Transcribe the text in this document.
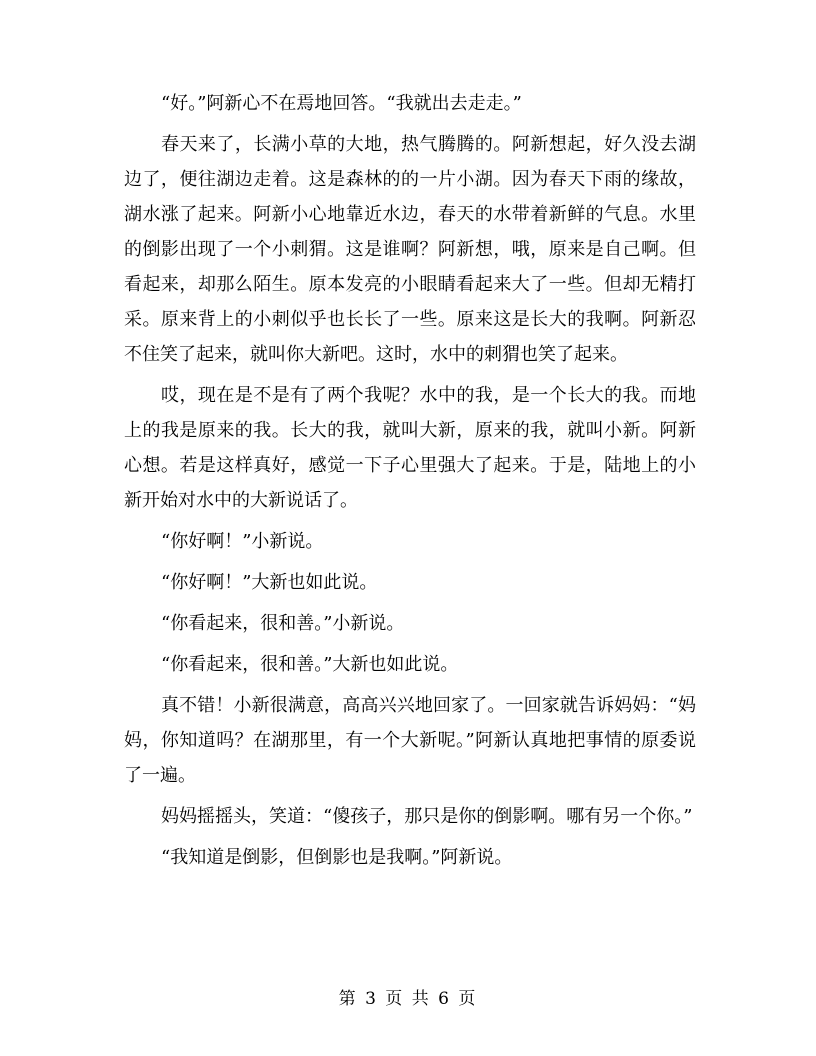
“好。”阿新心不在焉地回答。“我就出去走走。”

春天来了，长满小草的大地，热气腾腾的。阿新想起，好久没去湖边了，便往湖边走着。这是森林的的一片小湖。因为春天下雨的缘故，湖水涨了起来。阿新小心地靠近水边，春天的水带着新鲜的气息。水里的倒影出现了一个小刺猬。这是谁啊？阿新想，哦，原来是自己啊。但看起来，却那么陌生。原本发亮的小眼睛看起来大了一些。但却无精打采。原来背上的小刺似乎也长长了一些。原来这是长大的我啊。阿新忍不住笑了起来，就叫你大新吧。这时，水中的刺猬也笑了起来。

哎，现在是不是有了两个我呢？水中的我，是一个长大的我。而地上的我是原来的我。长大的我，就叫大新，原来的我，就叫小新。阿新心想。若是这样真好，感觉一下子心里强大了起来。于是，陆地上的小新开始对水中的大新说话了。

“你好啊！”小新说。

“你好啊！”大新也如此说。

“你看起来，很和善。”小新说。

“你看起来，很和善。”大新也如此说。

真不错！小新很满意，高高兴兴地回家了。一回家就告诉妈妈：“妈妈，你知道吗？在湖那里，有一个大新呢。”阿新认真地把事情的原委说了一遍。

妈妈摇摇头，笑道：“傻孩子，那只是你的倒影啊。哪有另一个你。”

“我知道是倒影，但倒影也是我啊。”阿新说。

第 3 页 共 6 页
